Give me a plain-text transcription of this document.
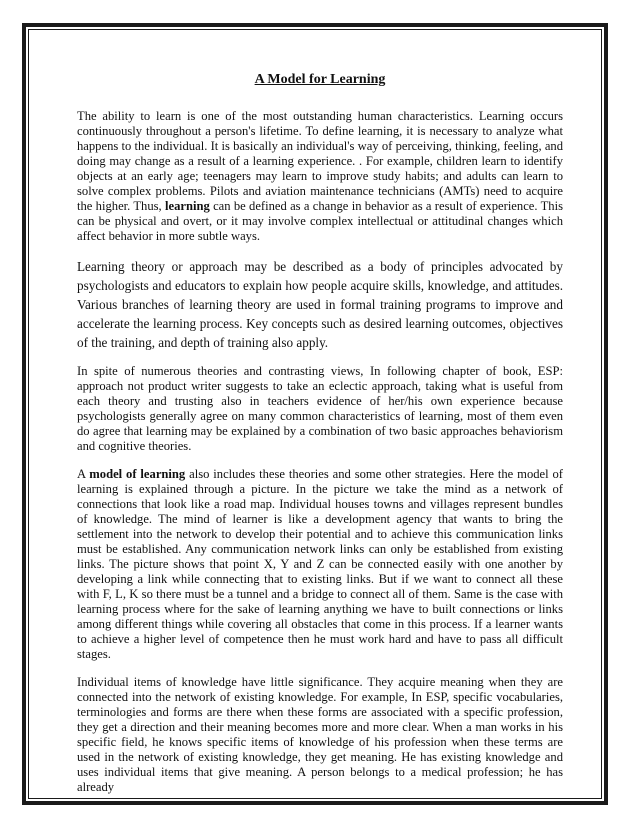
A Model for Learning

The ability to learn is one of the most outstanding human characteristics. Learning occurs continuously throughout a person's lifetime. To define learning, it is necessary to analyze what happens to the individual. It is basically an individual's way of perceiving, thinking, feeling, and doing may change as a result of a learning experience. . For example, children learn to identify objects at an early age; teenagers may learn to improve study habits; and adults can learn to solve complex problems. Pilots and aviation maintenance technicians (AMTs) need to acquire the higher. Thus, learning can be defined as a change in behavior as a result of experience. This can be physical and overt, or it may involve complex intellectual or attitudinal changes which affect behavior in more subtle ways.

Learning theory or approach may be described as a body of principles advocated by psychologists and educators to explain how people acquire skills, knowledge, and attitudes. Various branches of learning theory are used in formal training programs to improve and accelerate the learning process. Key concepts such as desired learning outcomes, objectives of the training, and depth of training also apply.

In spite of numerous theories and contrasting views, In following chapter of book, ESP: approach not product writer suggests to take an eclectic approach, taking what is useful from each theory and trusting also in teachers evidence of her/his own experience because psychologists generally agree on many common characteristics of learning, most of them even do agree that learning may be explained by a combination of two basic approaches behaviorism and cognitive theories.

A model of learning also includes these theories and some other strategies. Here the model of learning is explained through a picture. In the picture we take the mind as a network of connections that look like a road map. Individual houses towns and villages represent bundles of knowledge. The mind of learner is like a development agency that wants to bring the settlement into the network to develop their potential and to achieve this communication links must be established. Any communication network links can only be established from existing links. The picture shows that point X, Y and Z can be connected easily with one another by developing a link while connecting that to existing links. But if we want to connect all these with F, L, K so there must be a tunnel and a bridge to connect all of them. Same is the case with learning process where for the sake of learning anything we have to built connections or links among different things while covering all obstacles that come in this process. If a learner wants to achieve a higher level of competence then he must work hard and have to pass all difficult stages.

Individual items of knowledge have little significance. They acquire meaning when they are connected into the network of existing knowledge. For example, In ESP, specific vocabularies, terminologies and forms are there when these forms are associated with a specific profession, they get a direction and their meaning becomes more and more clear. When a man works in his specific field, he knows specific items of knowledge of his profession when these terms are used in the network of existing knowledge, they get meaning. He has existing knowledge and uses individual items that give meaning. A person belongs to a medical profession; he has already
